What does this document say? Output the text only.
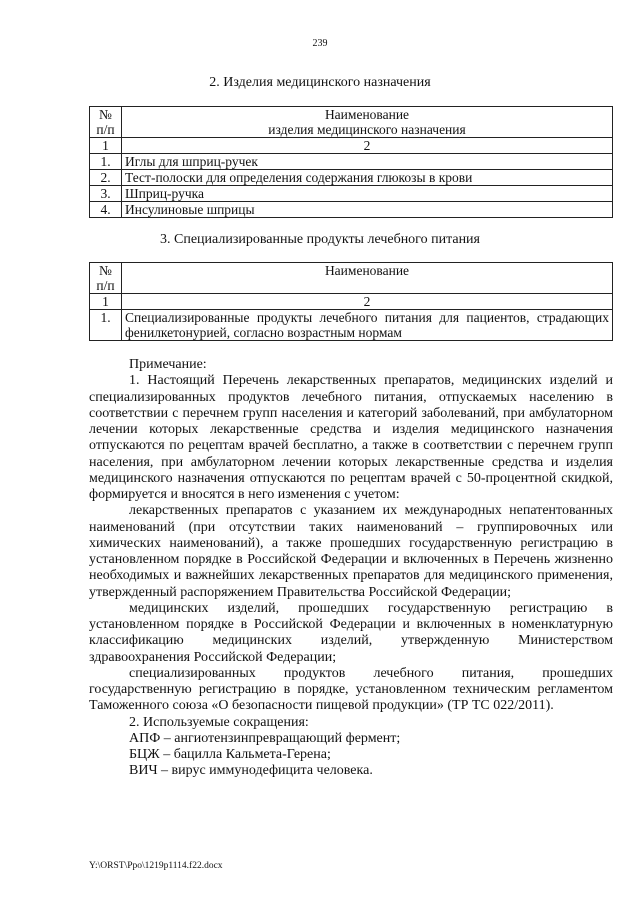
239
2. Изделия медицинского назначения
№
п/п	Наименование
изделия медицинского назначения
1	2
1.	Иглы для шприц-ручек
2.	Тест-полоски для определения содержания глюкозы в крови
3.	Шприц-ручка
4.	Инсулиновые шприцы
3. Специализированные продукты лечебного питания
№
п/п	Наименование
1	2
1.	Специализированные продукты лечебного питания для пациентов, страдающих фенилкетонурией, согласно возрастным нормам

Примечание:

1. Настоящий Перечень лекарственных препаратов, медицинских изделий и специализированных продуктов лечебного питания, отпускаемых населению в соответствии с перечнем групп населения и категорий заболеваний, при амбулаторном лечении которых лекарственные средства и изделия медицинского назначения отпускаются по рецептам врачей бесплатно, а также в соответствии с перечнем групп населения, при амбулаторном лечении которых лекарственные средства и изделия медицинского назначения отпускаются по рецептам врачей с 50-процентной скидкой, формируется и вносятся в него изменения с учетом:

лекарственных препаратов с указанием их международных непатентованных наименований (при отсутствии таких наименований – группировочных или химических наименований), а также прошедших государственную регистрацию в установленном порядке в Российской Федерации и включенных в Перечень жизненно необходимых и важнейших лекарственных препаратов для медицинского применения, утвержденный распоряжением Правительства Российской Федерации;

медицинских изделий, прошедших государственную регистрацию в установленном порядке в Российской Федерации и включенных в номенклатурную классификацию медицинских изделий, утвержденную Министерством здравоохранения Российской Федерации;

специализированных продуктов лечебного питания, прошедших государственную регистрацию в порядке, установленном техническим регламентом Таможенного союза «О безопасности пищевой продукции» (ТР ТС 022/2011).

2. Используемые сокращения:

АПФ – ангиотензинпревращающий фермент;

БЦЖ – бацилла Кальмета-Герена;

ВИЧ – вирус иммунодефицита человека.

Y:\ORST\Ppo\1219p1114.f22.docx
